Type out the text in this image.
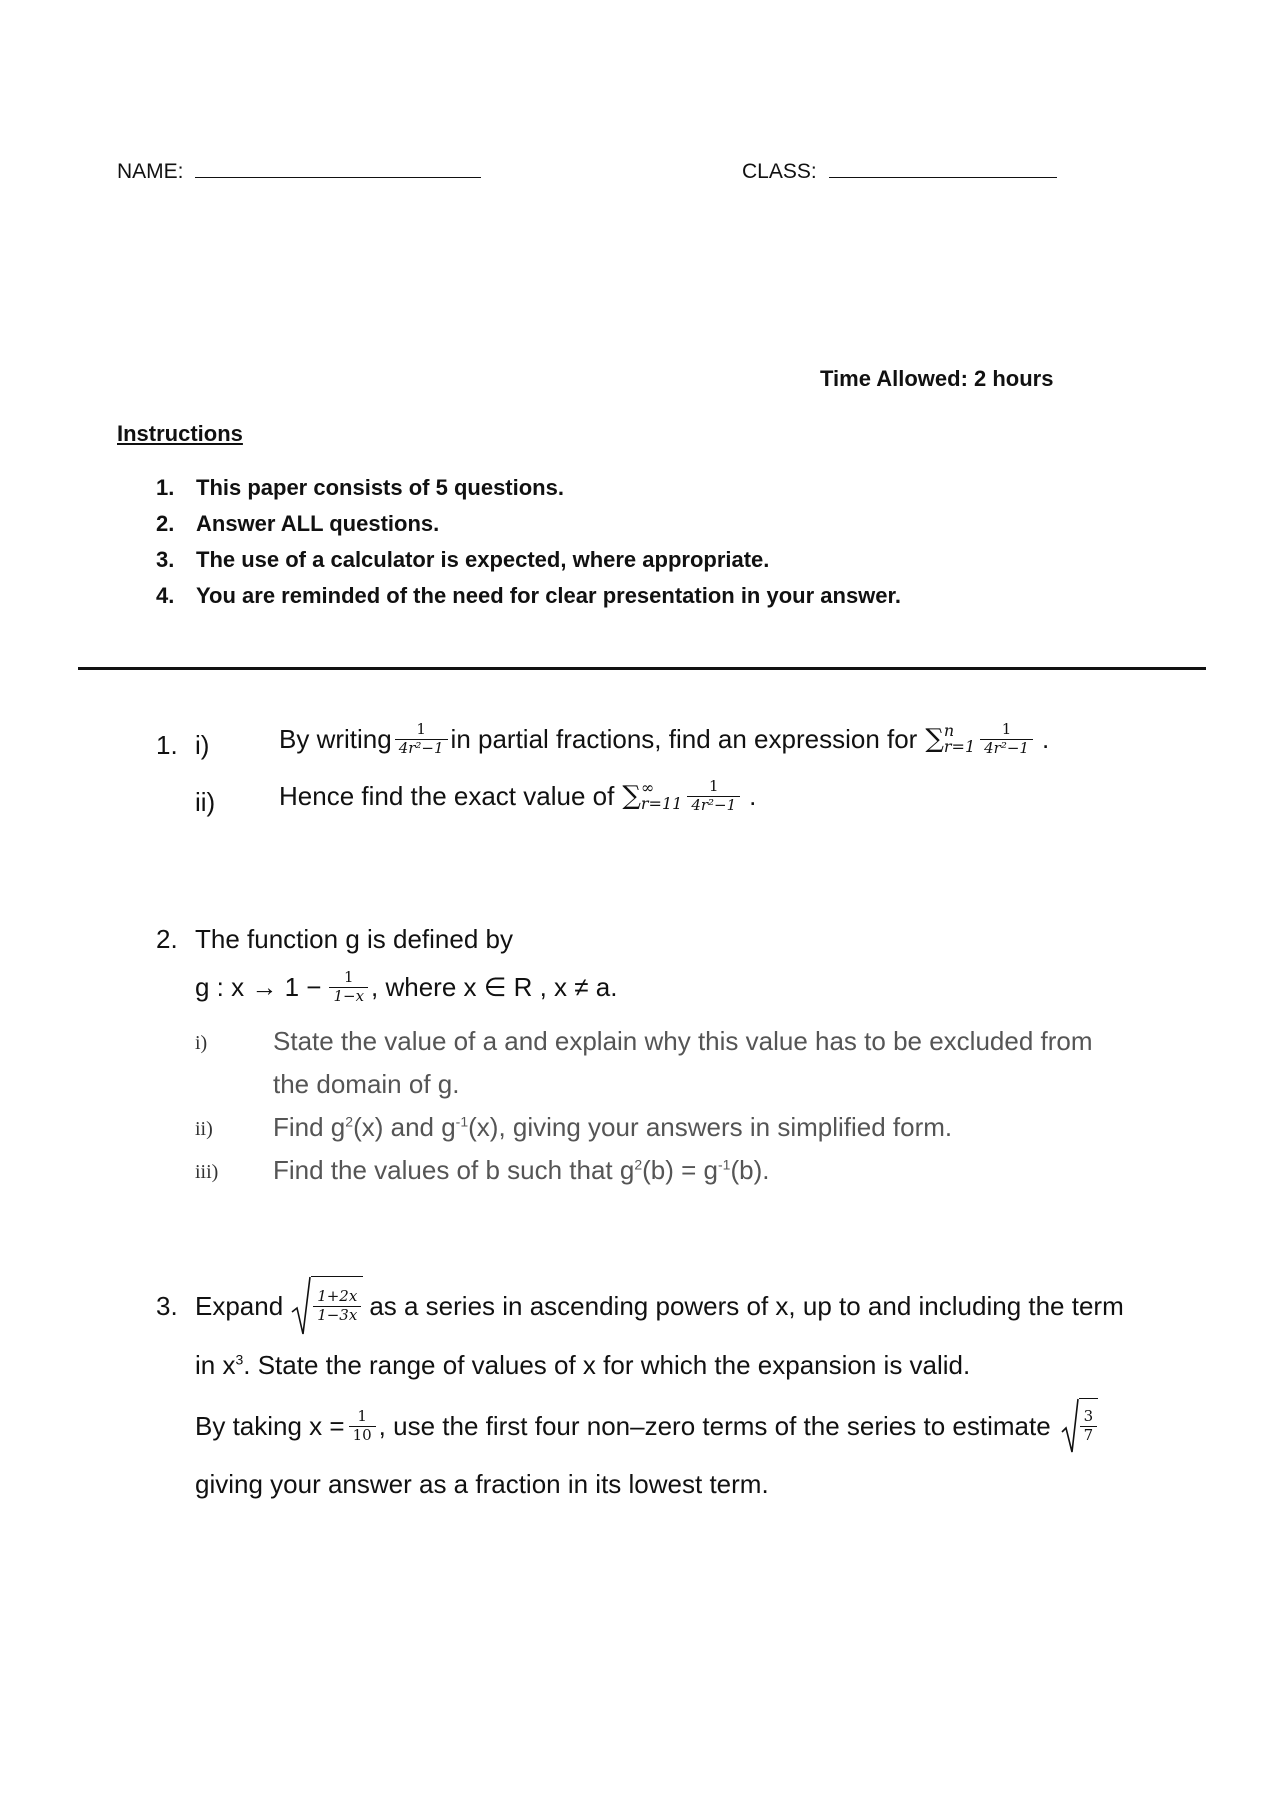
NAME:	CLASS:
Time Allowed: 2 hours
Instructions
1. This paper consists of 5 questions.
2. Answer ALL questions.
3. The use of a calculator is expected, where appropriate.
4. You are reminded of the need for clear presentation in your answer.
1. i)	By writing $\frac{1}{\text{4r²−1}}$ in partial fractions, find an expression for ∑ n
$r=1 \frac{1}{\text{4r²−1}}$ .
ii) Hence find the exact value of ∑ ∞
$r=11 \frac{1}{\text{4r²−1}}$ .
2. The function g is defined by
g : $x \to 1 - \frac{1}{1-x}$ , where x ∈ R , x ≠ a.
i)	State the value of a and explain why this value has to be excluded from
the domain of g.
ii) Find $g^2(x)$ and $g^{-1}(x)$, giving your answers in simplified form.
iii) Find the values of b such that $g^2(b) = g^{-1}(b)$.
3. Expand $\frac{1+2x}{1-3x}$ as a series in ascending powers of x, up to and including the term
in $x^3$. State the range of values of x for which the expansion is valid.
By taking $x = \frac{1}{10}$ , use the first four non–zero terms of the series to estimate $\frac{3}{7}$
giving your answer as a fraction in its lowest term.
